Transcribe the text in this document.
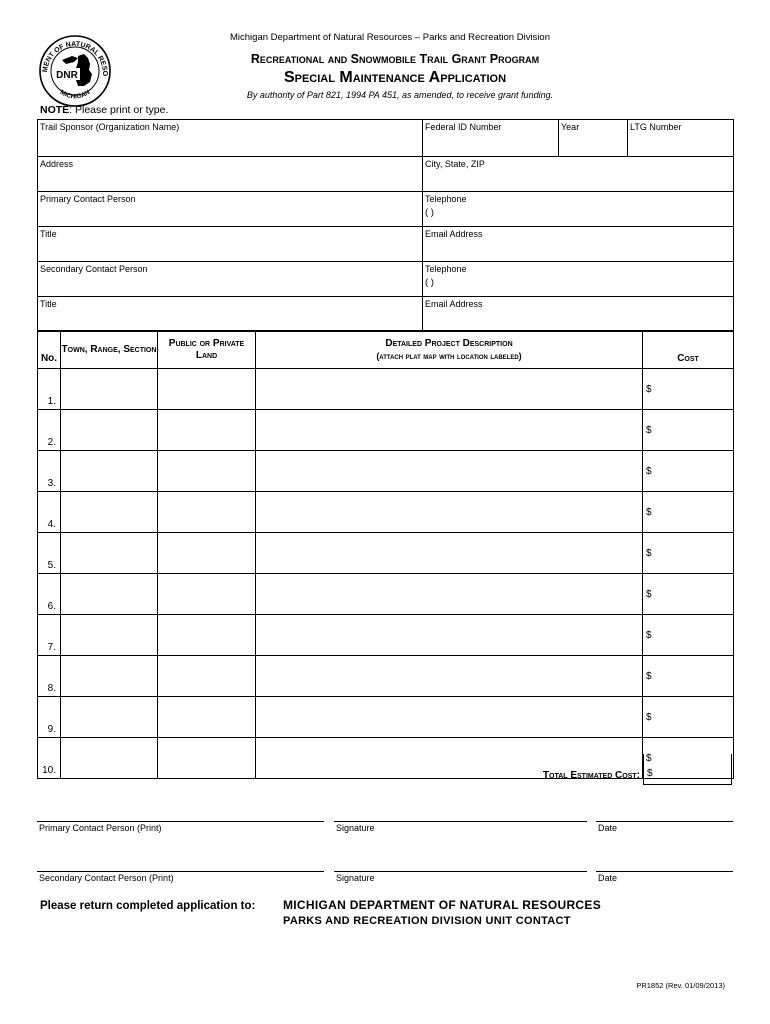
MENT OF NATURAL RESO
MICHIGAN
DNR
Michigan Department of Natural Resources – Parks and Recreation Division
Recreational and Snowmobile Trail Grant Program
Special Maintenance Application
By authority of Part 821, 1994 PA 451, as amended, to receive grant funding.
NOTE: Please print or type.
Trail Sponsor (Organization Name)	Federal ID Number	Year	LTG Number
Address	City, State, ZIP		
Primary Contact Person	Telephone
( )		

Title	Email Address		
Secondary Contact Person	Telephone
( )		

Title	Email Address		
No.	Town, Range, Section	Public or Private Land	Detailed Project Description
(attach plat map with location labeled)	Cost
1.				$
2.				$
3.				$
4.				$
5.				$
6.				$
7.				$
8.				$
9.				$
10.				$
Total Estimated Cost: $
Primary Contact Person (Print)	Signature	Date
Secondary Contact Person (Print)	Signature	Date
Please return completed application to: MICHIGAN DEPARTMENT OF NATURAL RESOURCES
PARKS AND RECREATION DIVISION UNIT CONTACT
PR1852 (Rev. 01/09/2013)
